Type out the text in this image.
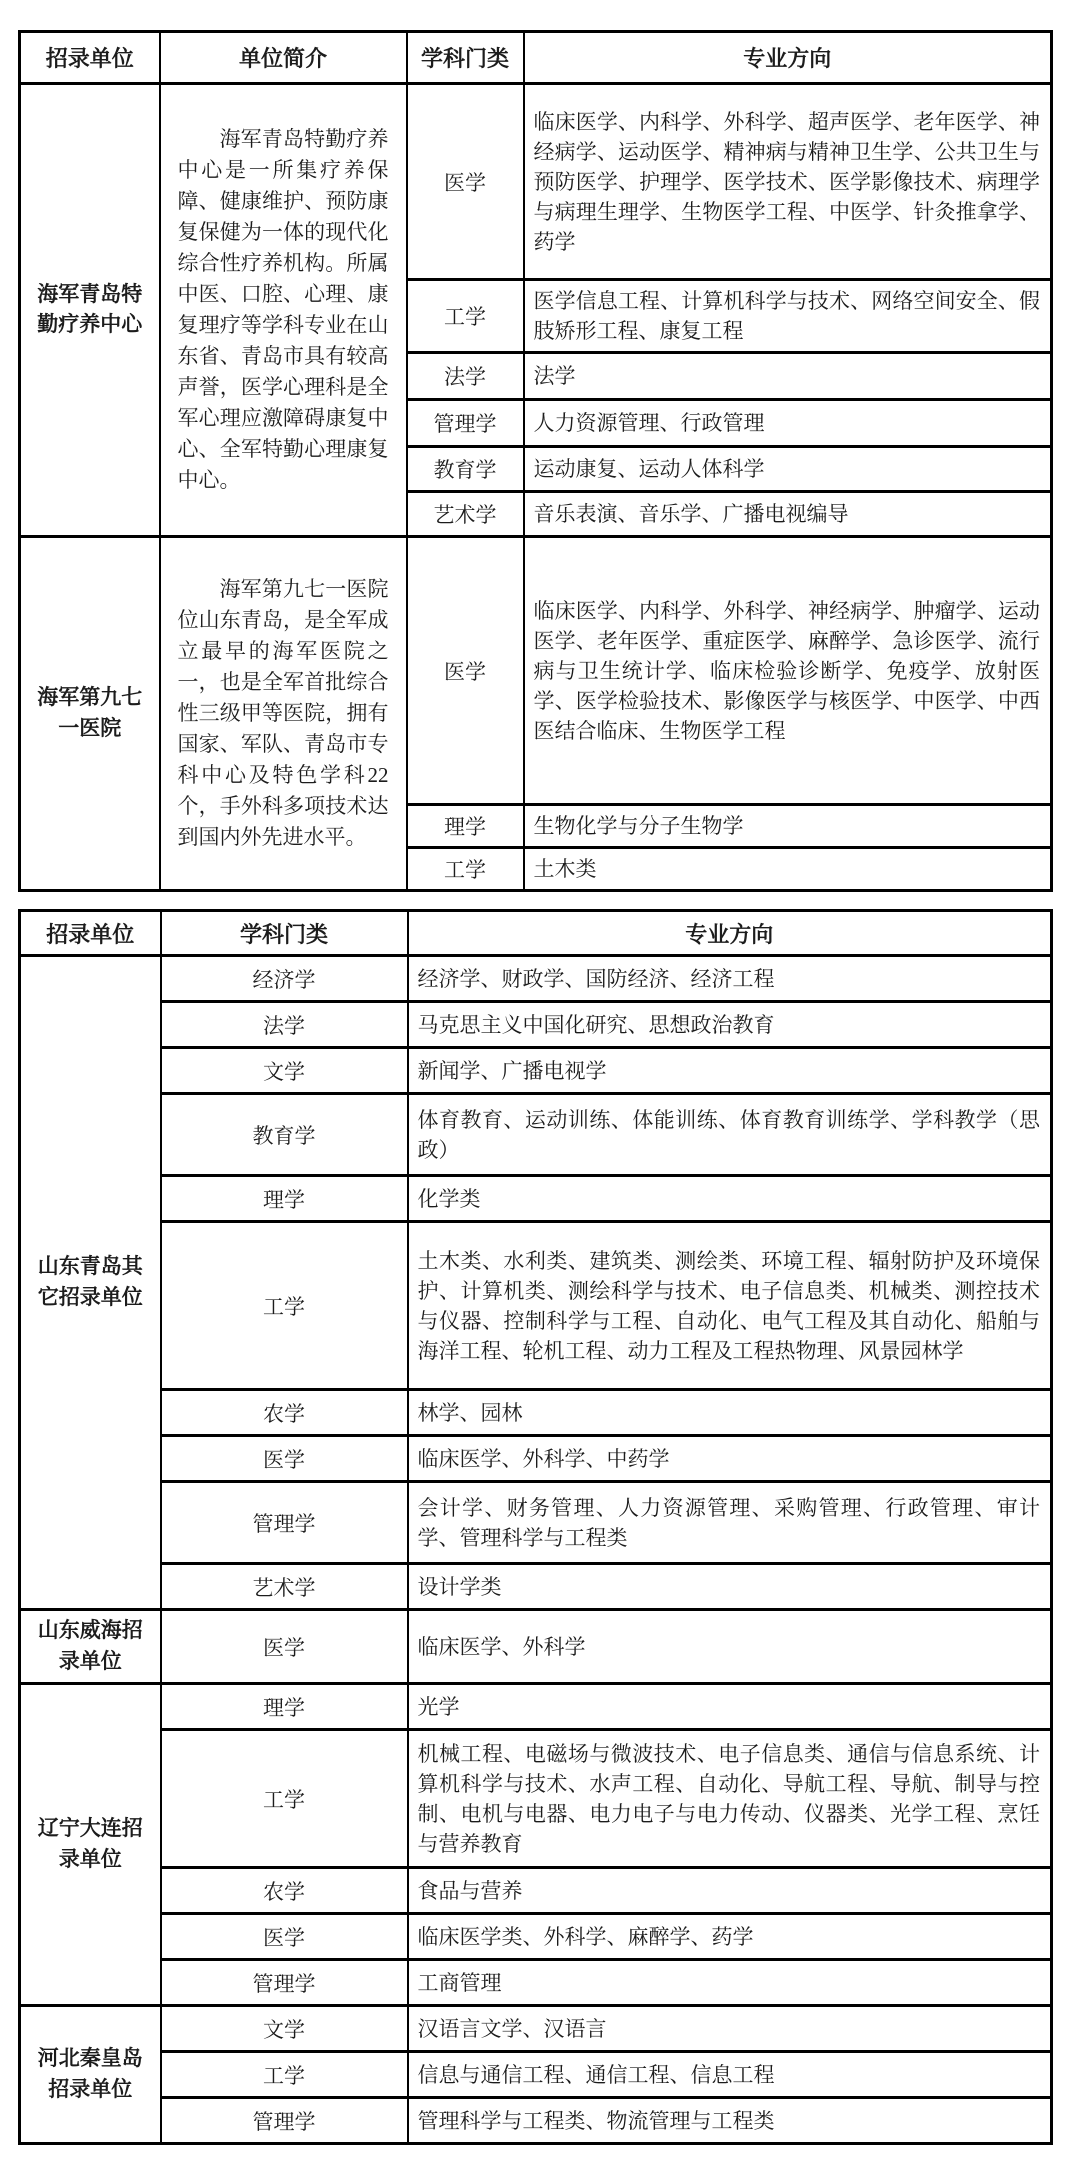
招录单位	单位简介	学科门类	专业方向
海军青岛特勤疗养中心	海军青岛特勤疗养中心是一所集疗养保障、健康维护、预防康复保健为一体的现代化综合性疗养机构。所属中医、口腔、心理、康复理疗等学科专业在山东省、青岛市具有较高声誉，医学心理科是全军心理应激障碍康复中心、全军特勤心理康复中心。	医学	临床医学、内科学、外科学、超声医学、老年医学、神经病学、运动医学、精神病与精神卫生学、公共卫生与预防医学、护理学、医学技术、医学影像技术、病理学与病理生理学、生物医学工程、中医学、针灸推拿学、药学
		工学	医学信息工程、计算机科学与技术、网络空间安全、假肢矫形工程、康复工程
		法学	法学
		管理学	人力资源管理、行政管理
		教育学	运动康复、运动人体科学
		艺术学	音乐表演、音乐学、广播电视编导
海军第九七一医院	海军第九七一医院位山东青岛，是全军成立最早的海军医院之一，也是全军首批综合性三级甲等医院，拥有国家、军队、青岛市专科中心及特色学科22个，手外科多项技术达到国内外先进水平。	医学	临床医学、内科学、外科学、神经病学、肿瘤学、运动医学、老年医学、重症医学、麻醉学、急诊医学、流行病与卫生统计学、临床检验诊断学、免疫学、放射医学、医学检验技术、影像医学与核医学、中医学、中西医结合临床、生物医学工程
		理学	生物化学与分子生物学
		工学	土木类
招录单位	学科门类	专业方向
山东青岛其它招录单位	经济学	经济学、财政学、国防经济、经济工程
	法学	马克思主义中国化研究、思想政治教育
	文学	新闻学、广播电视学
	教育学	体育教育、运动训练、体能训练、体育教育训练学、学科教学（思政）
	理学	化学类
	工学	土木类、水利类、建筑类、测绘类、环境工程、辐射防护及环境保护、计算机类、测绘科学与技术、电子信息类、机械类、测控技术与仪器、控制科学与工程、自动化、电气工程及其自动化、船舶与海洋工程、轮机工程、动力工程及工程热物理、风景园林学
	农学	林学、园林
	医学	临床医学、外科学、中药学
	管理学	会计学、财务管理、人力资源管理、采购管理、行政管理、审计学、管理科学与工程类
	艺术学	设计学类
山东威海招录单位	医学	临床医学、外科学
辽宁大连招录单位	理学	光学
	工学	机械工程、电磁场与微波技术、电子信息类、通信与信息系统、计算机科学与技术、水声工程、自动化、导航工程、导航、制导与控制、电机与电器、电力电子与电力传动、仪器类、光学工程、烹饪与营养教育
	农学	食品与营养
	医学	临床医学类、外科学、麻醉学、药学
	管理学	工商管理
河北秦皇岛招录单位	文学	汉语言文学、汉语言
	工学	信息与通信工程、通信工程、信息工程
	管理学	管理科学与工程类、物流管理与工程类
